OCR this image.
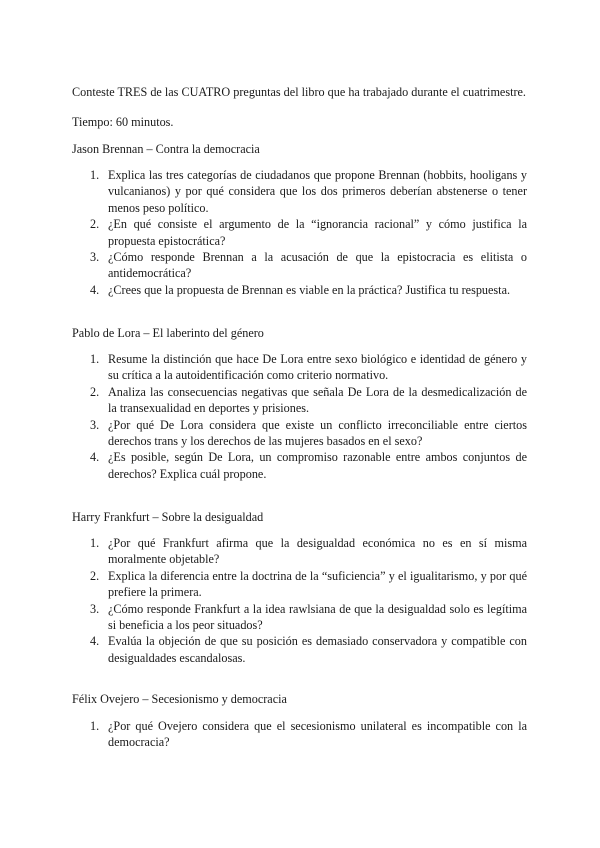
Conteste TRES de las CUATRO preguntas del libro que ha trabajado durante el cuatrimestre.

Tiempo: 60 minutos.

Jason Brennan – Contra la democracia

1. Explica las tres categorías de ciudadanos que propone Brennan (hobbits, hooligans y vulcanianos) y por qué considera que los dos primeros deberían abstenerse o tener menos peso político.
2. ¿En qué consiste el argumento de la “ignorancia racional” y cómo justifica la propuesta epistocrática?
3. ¿Cómo responde Brennan a la acusación de que la epistocracia es elitista o antidemocrática?
4. ¿Crees que la propuesta de Brennan es viable en la práctica? Justifica tu respuesta.

Pablo de Lora – El laberinto del género

1. Resume la distinción que hace De Lora entre sexo biológico e identidad de género y su crítica a la autoidentificación como criterio normativo.
2. Analiza las consecuencias negativas que señala De Lora de la desmedicalización de la transexualidad en deportes y prisiones.
3. ¿Por qué De Lora considera que existe un conflicto irreconciliable entre ciertos derechos trans y los derechos de las mujeres basados en el sexo?
4. ¿Es posible, según De Lora, un compromiso razonable entre ambos conjuntos de derechos? Explica cuál propone.

Harry Frankfurt – Sobre la desigualdad

1. ¿Por qué Frankfurt afirma que la desigualdad económica no es en sí misma moralmente objetable?
2. Explica la diferencia entre la doctrina de la “suficiencia” y el igualitarismo, y por qué prefiere la primera.
3. ¿Cómo responde Frankfurt a la idea rawlsiana de que la desigualdad solo es legítima si beneficia a los peor situados?
4. Evalúa la objeción de que su posición es demasiado conservadora y compatible con desigualdades escandalosas.

Félix Ovejero – Secesionismo y democracia

1. ¿Por qué Ovejero considera que el secesionismo unilateral es incompatible con la democracia?
